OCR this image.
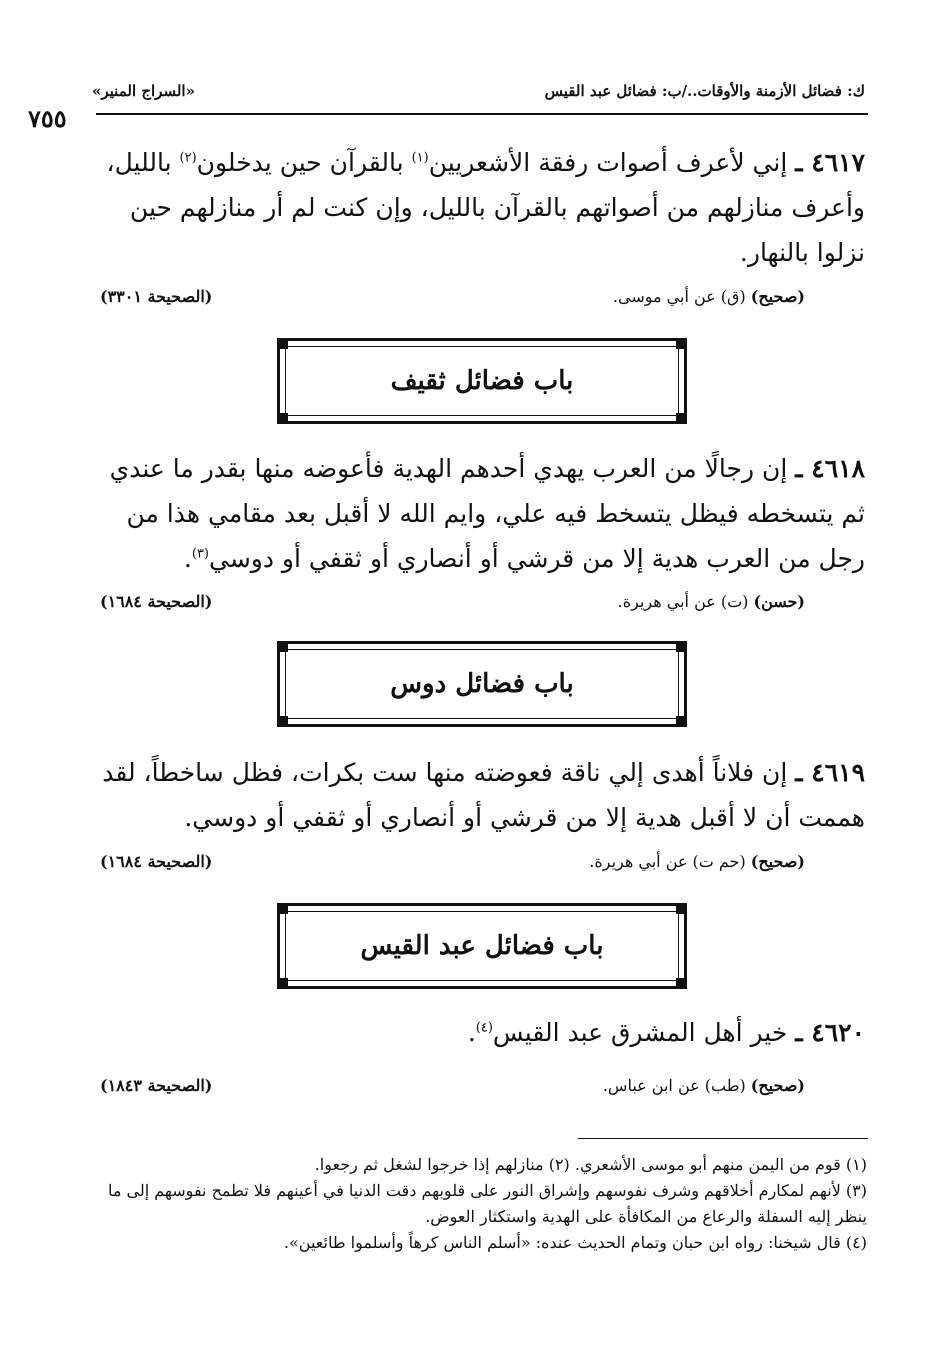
ك: فضائل الأزمنة والأوقات../ب: فضائل عبد القيس
«السراج المنير»
٧٥٥
٤٦١٧ ـ إني لأعرف أصوات رفقة الأشعريين$^{(١)}$ بالقرآن حين يدخلون$^{(٢)}$ بالليل، وأعرف منازلهم من أصواتهم بالقرآن بالليل، وإن كنت لم أر منازلهم حين نزلوا بالنهار.
(صحيح) (ق) عن أبي موسى.
(الصحيحة ٣٣٠١)
باب فضائل ثقيف
٤٦١٨ ـ إن رجالًا من العرب يهدي أحدهم الهدية فأعوضه منها بقدر ما عندي ثم يتسخطه فيظل يتسخط فيه علي، وايم الله لا أقبل بعد مقامي هذا من رجل من العرب هدية إلا من قرشي أو أنصاري أو ثقفي أو دوسي$^{(٣)}$.
(حسن) (ت) عن أبي هريرة.
(الصحيحة ١٦٨٤)
باب فضائل دوس
٤٦١٩ ـ إن فلاناً أهدى إلي ناقة فعوضته منها ست بكرات، فظل ساخطاً، لقد هممت أن لا أقبل هدية إلا من قرشي أو أنصاري أو ثقفي أو دوسي.
(صحيح) (حم ت) عن أبي هريرة.
(الصحيحة ١٦٨٤)
باب فضائل عبد القيس
٤٦٢٠ ـ خير أهل المشرق عبد القيس$^{(٤)}$.
(صحيح) (طب) عن ابن عباس.
(الصحيحة ١٨٤٣)

(١) قوم من اليمن منهم أبو موسى الأشعري. (٢) منازلهم إذا خرجوا لشغل ثم رجعوا.

(٣) لأنهم لمكارم أخلاقهم وشرف نفوسهم وإشراق النور على قلوبهم دقت الدنيا في أعينهم فلا تطمح نفوسهم إلى ما ينظر إليه السفلة والرعاع من المكافأة على الهدية واستكثار العوض.

(٤) قال شيخنا: رواه ابن حبان وتمام الحديث عنده: «أسلم الناس كرهاً وأسلموا طائعين».
